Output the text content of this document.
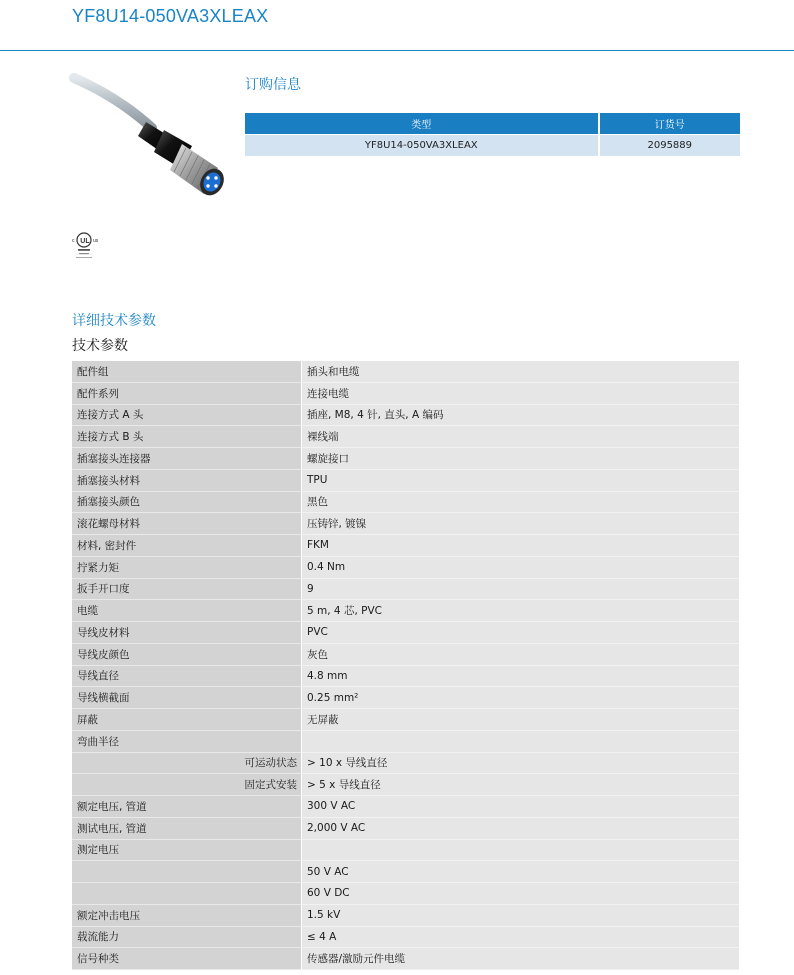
YF8U14-050VA3XLEAX
UL
c	us
订购信息
类型	订货号
YF8U14-050VA3XLEAX	2095889
详细技术参数
技术参数
配件组	插头和电缆
配件系列	连接电缆
连接方式 A 头	插座, M8, 4 针, 直头, A 编码
连接方式 B 头	裸线端
插塞接头连接器	螺旋接口
插塞接头材料	TPU
插塞接头颜色	黑色
滚花螺母材料	压铸锌, 镀镍
材料, 密封件	FKM
拧紧力矩	0.4 Nm
扳手开口度	9
电缆	5 m, 4 芯, PVC
导线皮材料	PVC
导线皮颜色	灰色
导线直径	4.8 mm
导线横截面	0.25 mm²
屏蔽	无屏蔽
弯曲半径
可运动状态 > 10 x 导线直径
固定式安装 > 5 x 导线直径
额定电压, 管道	300 V AC
测试电压, 管道	2,000 V AC
测定电压
50 V AC
60 V DC
额定冲击电压	1.5 kV
载流能力	≤ 4 A
信号种类	传感器/激励元件电缆
